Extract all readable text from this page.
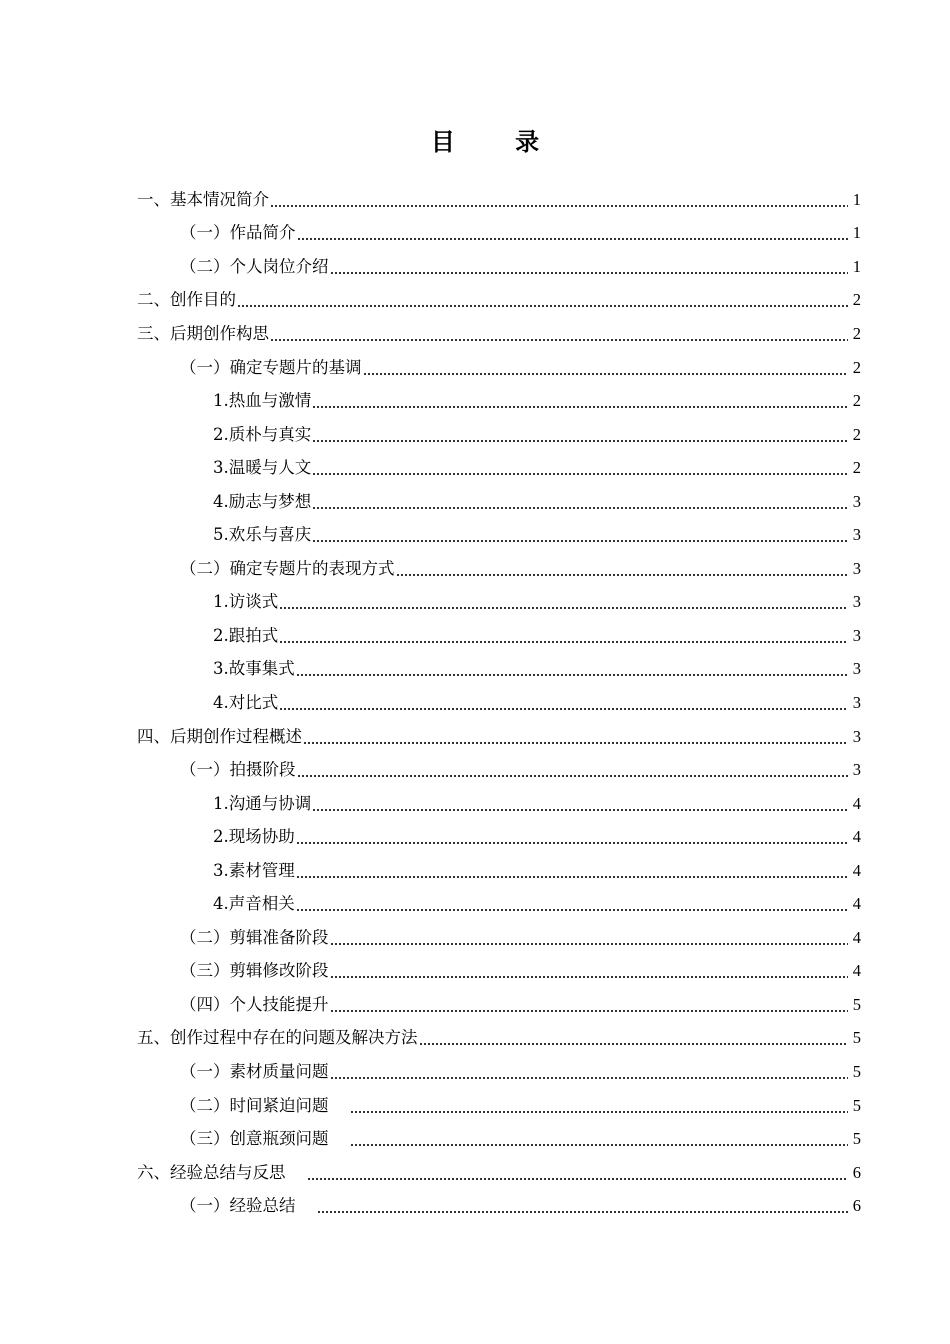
目 录
一、基本情况简介	1
（一）作品简介	1
（二）个人岗位介绍	1
二、创作目的	2
三、后期创作构思	2
（一）确定专题片的基调	2
1.热血与激情	2
2.质朴与真实	2
3.温暖与人文	2
4.励志与梦想	3
5.欢乐与喜庆	3
（二）确定专题片的表现方式	3
1.访谈式	3
2.跟拍式	3
3.故事集式	3
4.对比式	3
四、后期创作过程概述	3
（一）拍摄阶段	3
1.沟通与协调	4
2.现场协助	4
3.素材管理	4
4.声音相关	4
（二）剪辑准备阶段	4
（三）剪辑修改阶段	4
（四）个人技能提升	5
五、创作过程中存在的问题及解决方法	5
（一）素材质量问题	5
（二）时间紧迫问题	5
（三）创意瓶颈问题	5
六、经验总结与反思	6
（一）经验总结	6
